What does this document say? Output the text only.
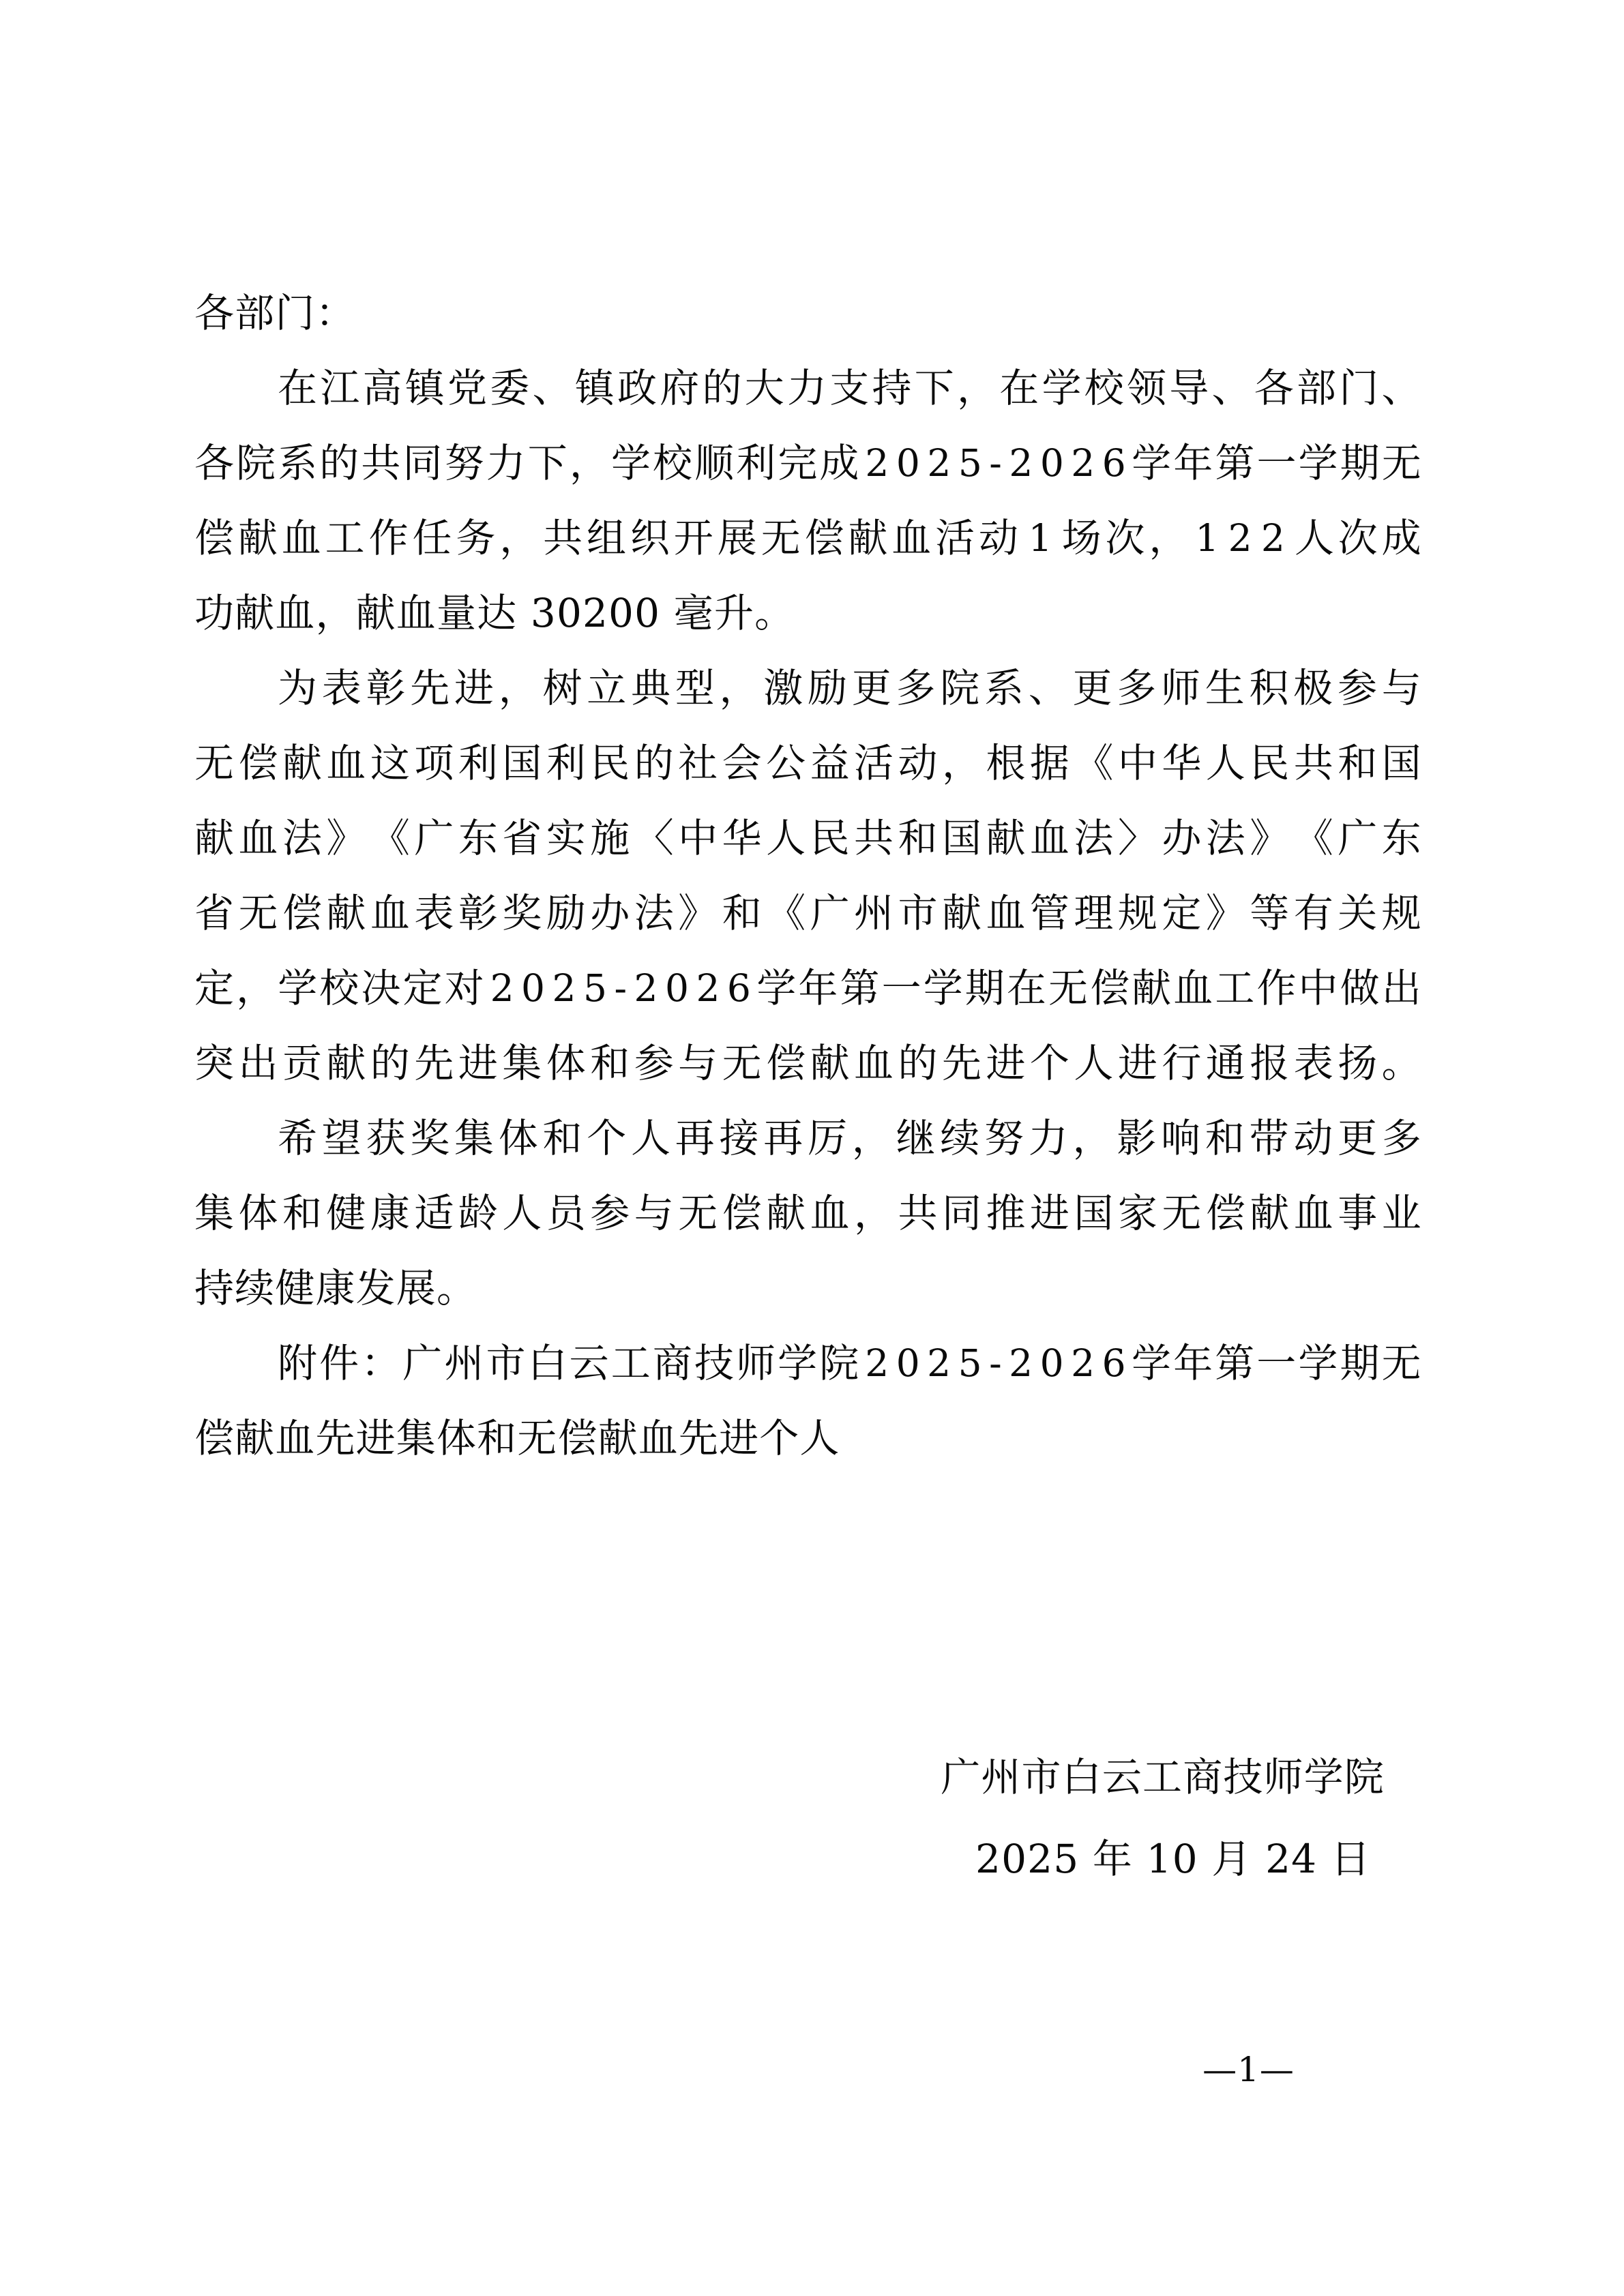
各部门：
在 江 高 镇 党 委 、 镇 政 府 的 大 力 支 持 下 ， 在 学 校 领 导 、 各 部 门 、
各 院 系 的 共 同 努 力 下 ， 学 校 顺 利 完 成 2 0 2 5 - 2 0 2 6 学 年 第 一 学 期 无
偿 献 血 工 作 任 务 ， 共 组 织 开 展 无 偿 献 血 活 动 1 场 次 ， 1 2 2 人 次 成
功献血，献血量达 30200 毫升。
为 表 彰 先 进 ， 树 立 典 型 ， 激 励 更 多 院 系 、 更 多 师 生 积 极 参 与
无 偿 献 血 这 项 利 国 利 民 的 社 会 公 益 活 动 ， 根 据 《 中 华 人 民 共 和 国
献 血 法 》 《 广 东 省 实 施 〈 中 华 人 民 共 和 国 献 血 法 〉 办 法 》 《 广 东
省 无 偿 献 血 表 彰 奖 励 办 法 》 和 《 广 州 市 献 血 管 理 规 定 》 等 有 关 规
定 ， 学 校 决 定 对 2 0 2 5 - 2 0 2 6 学 年 第 一 学 期 在 无 偿 献 血 工 作 中 做 出
突 出 贡 献 的 先 进 集 体 和 参 与 无 偿 献 血 的 先 进 个 人 进 行 通 报 表 扬 。
希 望 获 奖 集 体 和 个 人 再 接 再 厉 ， 继 续 努 力 ， 影 响 和 带 动 更 多
集 体 和 健 康 适 龄 人 员 参 与 无 偿 献 血 ， 共 同 推 进 国 家 无 偿 献 血 事 业
持续健康发展。
附 件 ： 广 州 市 白 云 工 商 技 师 学 院 2 0 2 5 - 2 0 2 6 学 年 第 一 学 期 无
偿献血先进集体和无偿献血先进个人
广州市白云工商技师学院
2025 年 10 月 24 日
—1—
